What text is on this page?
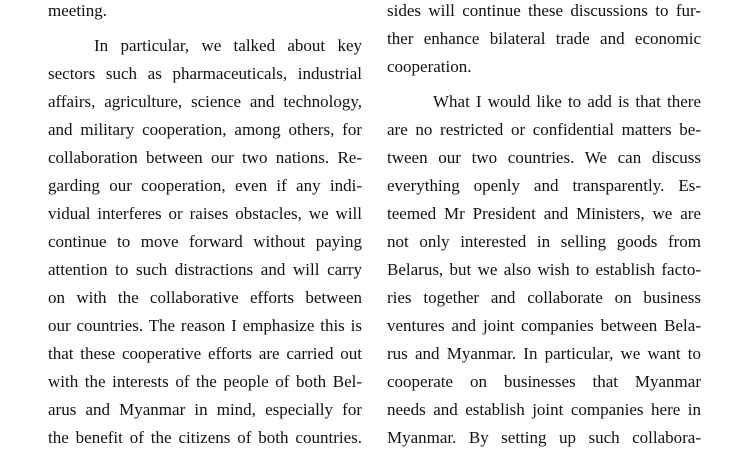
meeting.
In particular, we talked about key
sectors such as pharmaceuticals, industrial
affairs, agriculture, science and technology,
and military cooperation, among others, for
collaboration between our two nations. Re-
garding our cooperation, even if any indi-
vidual interferes or raises obstacles, we will
continue to move forward without paying
attention to such distractions and will carry
on with the collaborative efforts between
our countries. The reason I emphasize this is
that these cooperative efforts are carried out
with the interests of the people of both Bel-
arus and Myanmar in mind, especially for
the benefit of the citizens of both countries.
sides will continue these discussions to fur-
ther enhance bilateral trade and economic
cooperation.
What I would like to add is that there
are no restricted or confidential matters be-
tween our two countries. We can discuss
everything openly and transparently. Es-
teemed Mr President and Ministers, we are
not only interested in selling goods from
Belarus, but we also wish to establish facto-
ries together and collaborate on business
ventures and joint companies between Bela-
rus and Myanmar. In particular, we want to
cooperate on businesses that Myanmar
needs and establish joint companies here in
Myanmar. By setting up such collabora-
